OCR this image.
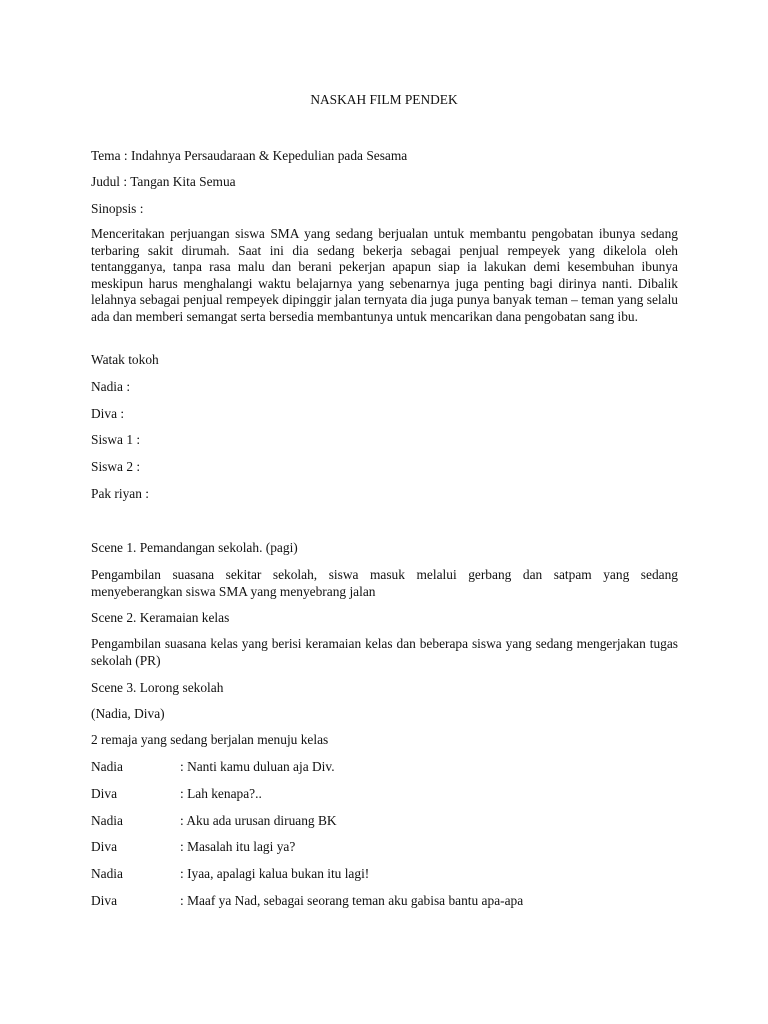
NASKAH FILM PENDEK
Tema : Indahnya Persaudaraan & Kepedulian pada Sesama
Judul : Tangan Kita Semua
Sinopsis :
Menceritakan perjuangan siswa SMA yang sedang berjualan untuk membantu pengobatan ibunya sedang terbaring sakit dirumah. Saat ini dia sedang bekerja sebagai penjual rempeyek yang dikelola oleh tentangganya, tanpa rasa malu dan berani pekerjan apapun siap ia lakukan demi kesembuhan ibunya meskipun harus menghalangi waktu belajarnya yang sebenarnya juga penting bagi dirinya nanti. Dibalik lelahnya sebagai penjual rempeyek dipinggir jalan ternyata dia juga punya banyak teman – teman yang selalu ada dan memberi semangat serta bersedia membantunya untuk mencarikan dana pengobatan sang ibu.
Watak tokoh
Nadia :
Diva :
Siswa 1 :
Siswa 2 :
Pak riyan :
Scene 1. Pemandangan sekolah. (pagi)
Pengambilan suasana sekitar sekolah, siswa masuk melalui gerbang dan satpam yang sedang menyeberangkan siswa SMA yang menyebrang jalan
Scene 2. Keramaian kelas
Pengambilan suasana kelas yang berisi keramaian kelas dan beberapa siswa yang sedang mengerjakan tugas sekolah (PR)
Scene 3. Lorong sekolah
(Nadia, Diva)
2 remaja yang sedang berjalan menuju kelas
Nadia	: Nanti kamu duluan aja Div.
Diva	: Lah kenapa?..
Nadia	: Aku ada urusan diruang BK
Diva	: Masalah itu lagi ya?
Nadia	: Iyaa, apalagi kalua bukan itu lagi!
Diva	: Maaf ya Nad, sebagai seorang teman aku gabisa bantu apa-apa
